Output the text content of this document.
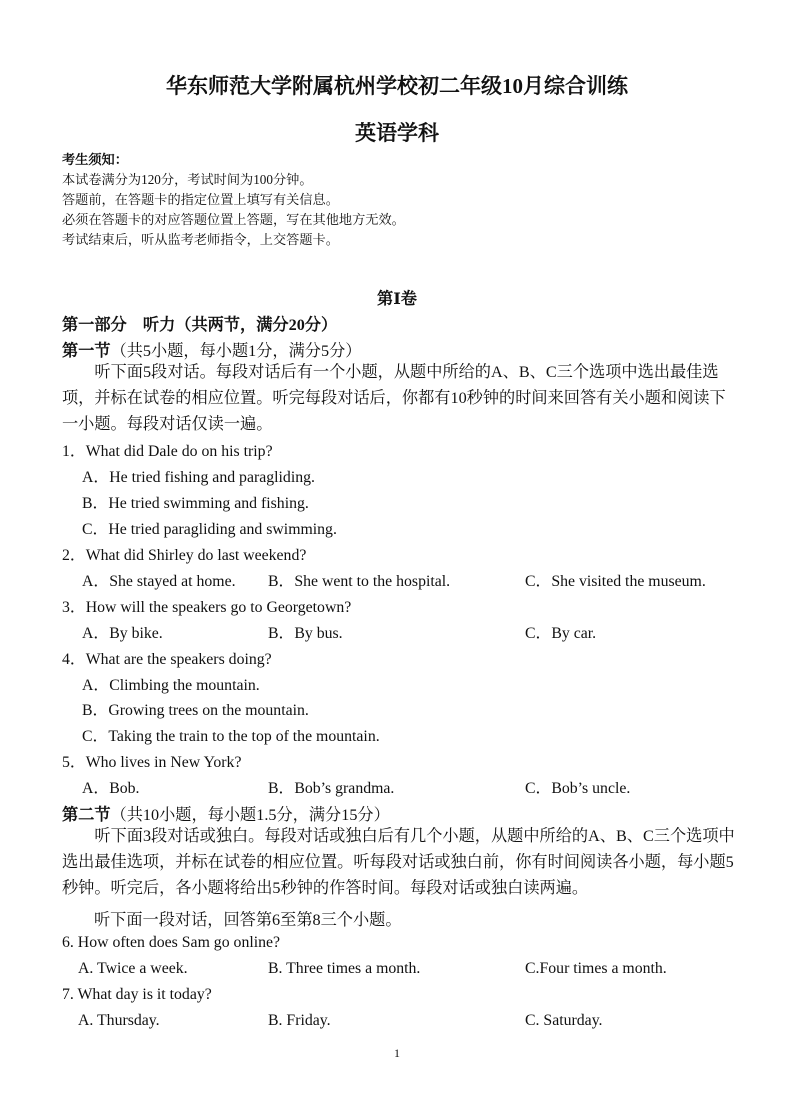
华东师范大学附属杭州学校初二年级10月综合训练
英语学科
考生须知：
本试卷满分为120分，考试时间为100分钟。
答题前，在答题卡的指定位置上填写有关信息。
必须在答题卡的对应答题位置上答题，写在其他地方无效。
考试结束后，听从监考老师指令，上交答题卡。
第Ⅰ卷
第一部分　听力（共两节，满分20分）
第一节（共5小题，每小题1分，满分5分）
听下面5段对话。每段对话后有一个小题，从题中所给的A、B、C三个选项中选出最佳选项，并标在试卷的相应位置。听完每段对话后，你都有10秒钟的时间来回答有关小题和阅读下一小题。每段对话仅读一遍。
1．What did Dale do on his trip?
A．He tried fishing and paragliding.
B．He tried swimming and fishing.
C．He tried paragliding and swimming.
2．What did Shirley do last weekend?
A．She stayed at home. B．She went to the hospital.	C．She visited the museum.
3．How will the speakers go to Georgetown?
A．By bike.	B．By bus.	C．By car.
4．What are the speakers doing?
A．Climbing the mountain.
B．Growing trees on the mountain.
C．Taking the train to the top of the mountain.
5．Who lives in New York?
A．Bob.	B．Bob’s grandma.	C．Bob’s uncle.
第二节（共10小题，每小题1.5分，满分15分）
听下面3段对话或独白。每段对话或独白后有几个小题，从题中所给的A、B、C三个选项中选出最佳选项，并标在试卷的相应位置。听每段对话或独白前，你有时间阅读各小题，每小题5秒钟。听完后，各小题将给出5秒钟的作答时间。每段对话或独白读两遍。
听下面一段对话，回答第6至第8三个小题。
6. How often does Sam go online?
A. Twice a week.	B. Three times a month.	C.Four times a month.
7. What day is it today?
A. Thursday.	B. Friday.	C. Saturday.
1
